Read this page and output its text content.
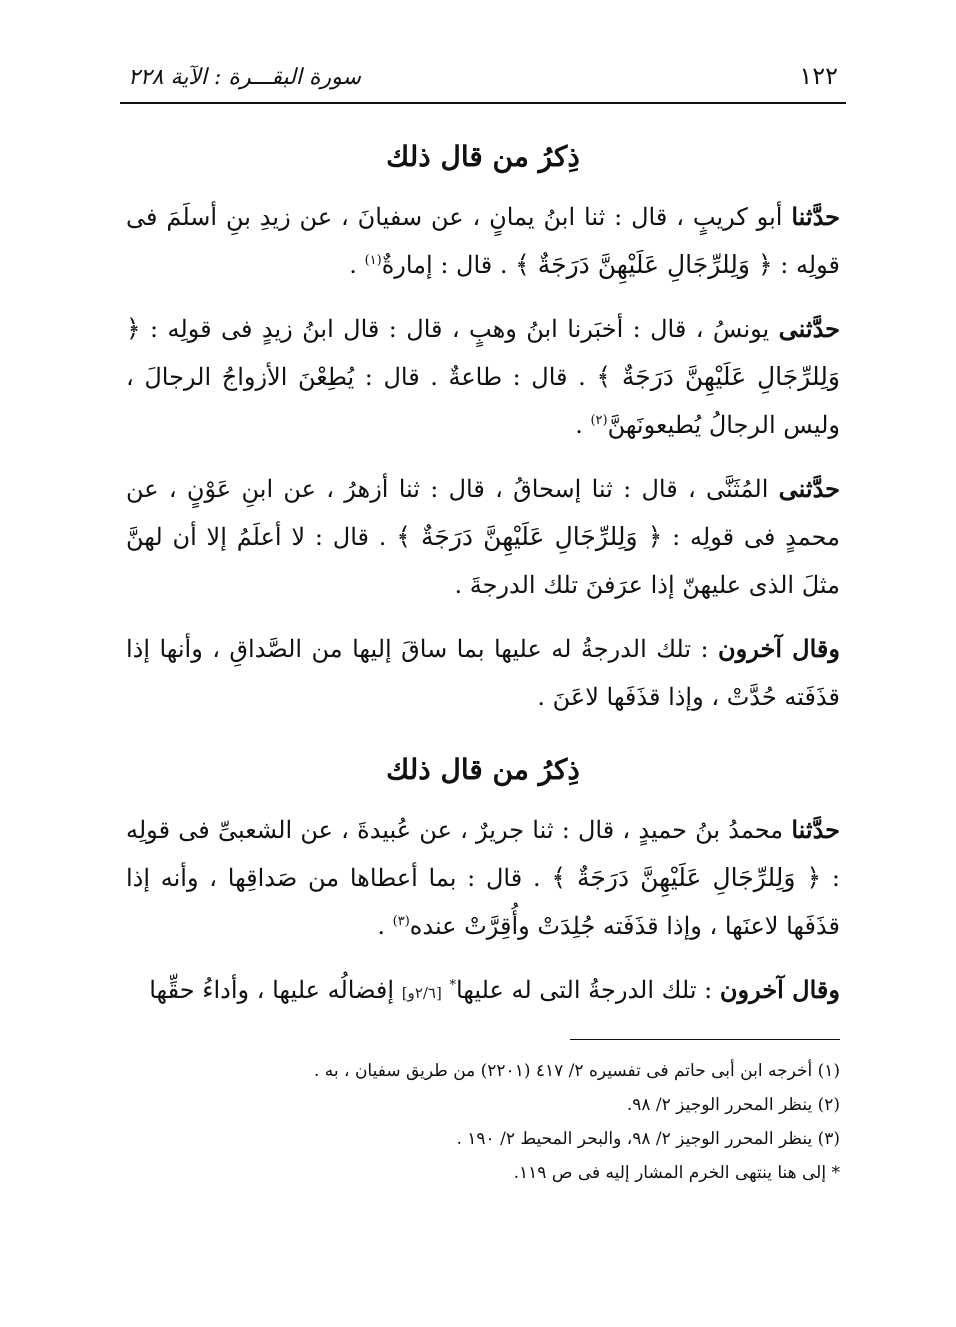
١٢٢
سورة البقـــرة : الآية ٢٢٨
ذِكرُ من قال ذلك

حدَّثنا أبو كريبٍ ، قال : ثنا ابنُ يمانٍ ، عن سفيانَ ، عن زيدِ بنِ أسلَمَ فى قولِه : ﴿ وَلِلرِّجَالِ عَلَيْهِنَّ دَرَجَةٌ ﴾ . قال : إمارةٌ$^{(١)}$ .

حدَّثنى يونسُ ، قال : أخبَرنا ابنُ وهبٍ ، قال : قال ابنُ زيدٍ فى قولِه : ﴿ وَلِلرِّجَالِ عَلَيْهِنَّ دَرَجَةٌ ﴾ . قال : طاعةٌ . قال : يُطِعْنَ الأزواجُ الرجالَ ، وليس الرجالُ يُطيعونَهنَّ$^{(٢)}$ .

حدَّثنى المُثَنَّى ، قال : ثنا إسحاقُ ، قال : ثنا أزهرُ ، عن ابنِ عَوْنٍ ، عن محمدٍ فى قولِه : ﴿ وَلِلرِّجَالِ عَلَيْهِنَّ دَرَجَةٌ ﴾ . قال : لا أعلَمُ إلا أن لهنَّ مثلَ الذى عليهنّ إذا عرَفنَ تلك الدرجةَ .

وقال آخرون : تلك الدرجةُ له عليها بما ساقَ إليها من الصَّداقِ ، وأنها إذا قذَفَته حُدَّتْ ، وإذا قذَفَها لاعَنَ .

ذِكرُ من قال ذلك

حدَّثنا محمدُ بنُ حميدٍ ، قال : ثنا جريرٌ ، عن عُبيدةَ ، عن الشعبىِّ فى قولِه : ﴿ وَلِلرِّجَالِ عَلَيْهِنَّ دَرَجَةٌ ﴾ . قال : بما أعطاها من صَداقِها ، وأنه إذا قذَفَها لاعنَها ، وإذا قذَفَته جُلِدَتْ وأُقِرَّتْ عنده$^{(٣)}$ .

وقال آخرون : تلك الدرجةُ التى له عليها* [٢/٦و] إفضالُه عليها ، وأداءُ حقِّها

(١) أخرجه ابن أبى حاتم فى تفسيره ٢/ ٤١٧ (٢٢٠١) من طريق سفيان ، به .
(٢) ينظر المحرر الوجيز ٢/ ٩٨.
(٣) ينظر المحرر الوجيز ٢/ ٩٨، والبحر المحيط ٢/ ١٩٠ .
* إلى هنا ينتهى الخرم المشار إليه فى ص ١١٩.
